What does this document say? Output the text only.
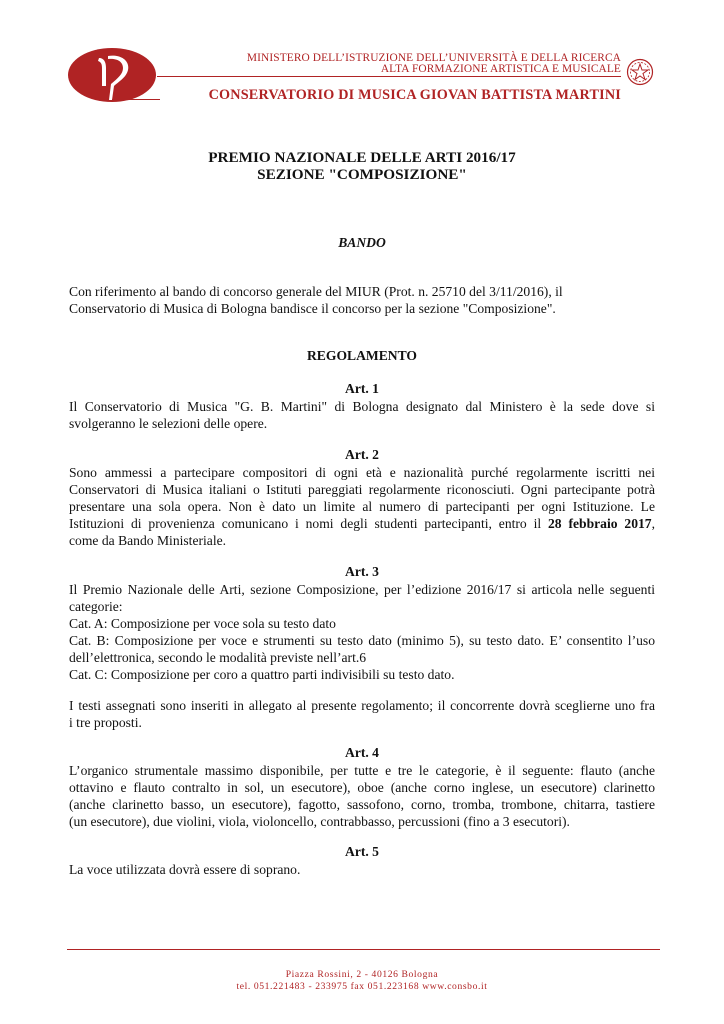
MINISTERO DELL’ISTRUZIONE DELL’UNIVERSITÀ E DELLA RICERCA
ALTA FORMAZIONE ARTISTICA E MUSICALE
CONSERVATORIO DI MUSICA GIOVAN BATTISTA MARTINI
PREMIO NAZIONALE DELLE ARTI 2016/17
SEZIONE "COMPOSIZIONE"
BANDO
Con riferimento al bando di concorso generale del MIUR (Prot. n. 25710 del 3/11/2016), il
Conservatorio di Musica di Bologna bandisce il concorso per la sezione "Composizione".
REGOLAMENTO
Art. 1
Il Conservatorio di Musica "G. B. Martini" di Bologna designato dal Ministero è la sede dove si
svolgeranno le selezioni delle opere.
Art. 2
Sono ammessi a partecipare compositori di ogni età e nazionalità purché regolarmente iscritti nei
Conservatori di Musica italiani o Istituti pareggiati regolarmente riconosciuti. Ogni partecipante potrà
presentare una sola opera. Non è dato un limite al numero di partecipanti per ogni Istituzione. Le
Istituzioni di provenienza comunicano i nomi degli studenti partecipanti, entro il 28 febbraio 2017,
come da Bando Ministeriale.
Art. 3
Il Premio Nazionale delle Arti, sezione Composizione, per l’edizione 2016/17 si articola nelle seguenti
categorie:
Cat. A: Composizione per voce sola su testo dato
Cat. B: Composizione per voce e strumenti su testo dato (minimo 5), su testo dato. E’ consentito l’uso
dell’elettronica, secondo le modalità previste nell’art.6
Cat. C: Composizione per coro a quattro parti indivisibili su testo dato.
I testi assegnati sono inseriti in allegato al presente regolamento; il concorrente dovrà sceglierne uno fra
i tre proposti.
Art. 4
L’organico strumentale massimo disponibile, per tutte e tre le categorie, è il seguente: flauto (anche
ottavino e flauto contralto in sol, un esecutore), oboe (anche corno inglese, un esecutore) clarinetto
(anche clarinetto basso, un esecutore), fagotto, sassofono, corno, tromba, trombone, chitarra, tastiere
(un esecutore), due violini, viola, violoncello, contrabbasso, percussioni (fino a 3 esecutori).
Art. 5
La voce utilizzata dovrà essere di soprano.
Piazza Rossini, 2 - 40126 Bologna
tel. 051.221483 - 233975 fax 051.223168 www.consbo.it
